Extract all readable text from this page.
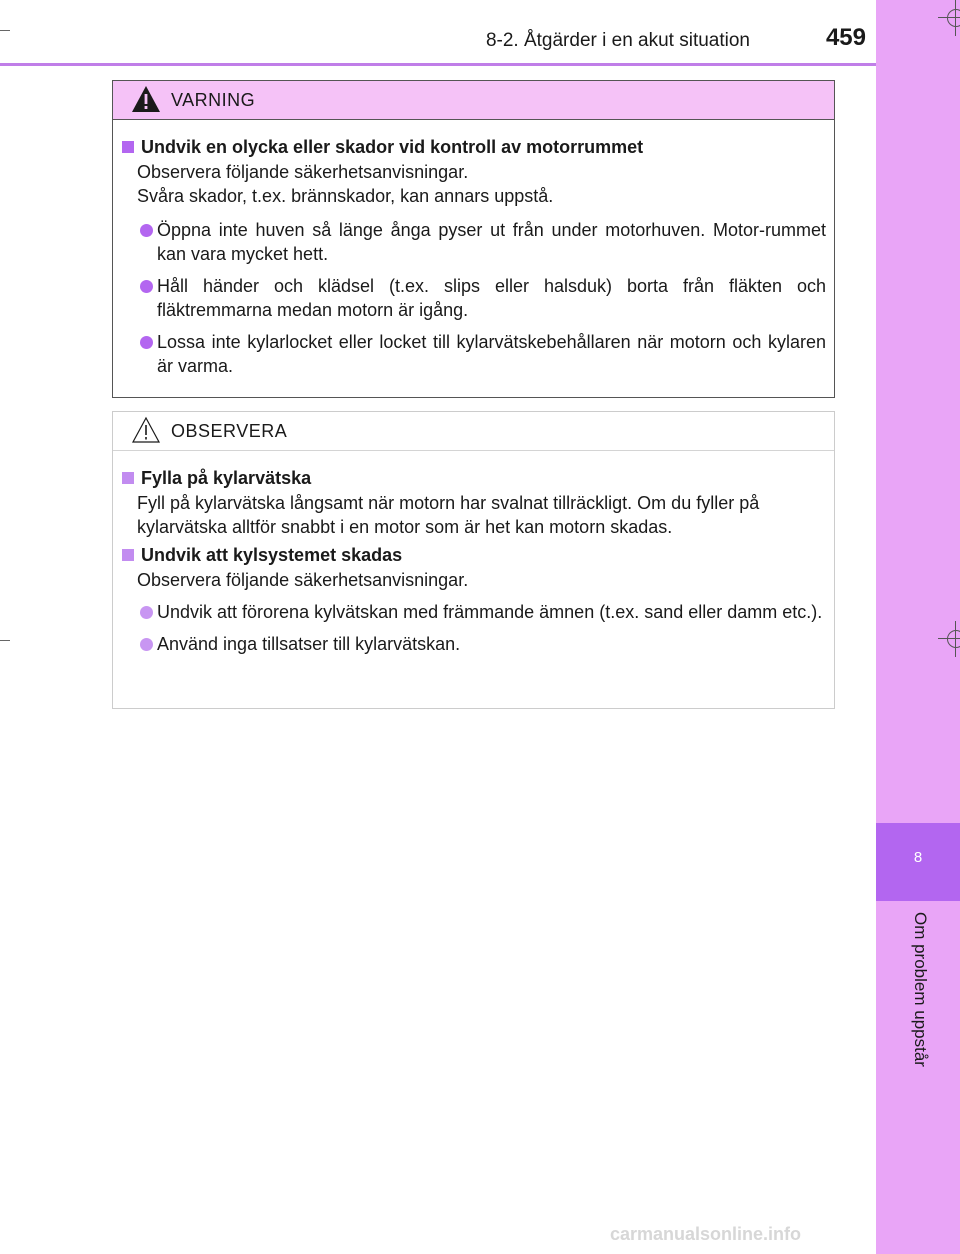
8-2. Åtgärder i en akut situation	459
8
Om problem uppstår
VARNING
Undvik en olycka eller skador vid kontroll av motorrummet
Observera följande säkerhetsanvisningar.
Svåra skador, t.ex. brännskador, kan annars uppstå.
Öppna inte huven så länge ånga pyser ut från under motorhuven. Motor-rummet kan vara mycket hett.
Håll händer och klädsel (t.ex. slips eller halsduk) borta från fläkten och fläktremmarna medan motorn är igång.
Lossa inte kylarlocket eller locket till kylarvätskebehållaren när motorn och kylaren är varma.
OBSERVERA
Fylla på kylarvätska
Fyll på kylarvätska långsamt när motorn har svalnat tillräckligt. Om du fyller på kylarvätska alltför snabbt i en motor som är het kan motorn skadas.
Undvik att kylsystemet skadas
Observera följande säkerhetsanvisningar.
Undvik att förorena kylvätskan med främmande ämnen (t.ex. sand eller damm etc.).
Använd inga tillsatser till kylarvätskan.
carmanualsonline.info
